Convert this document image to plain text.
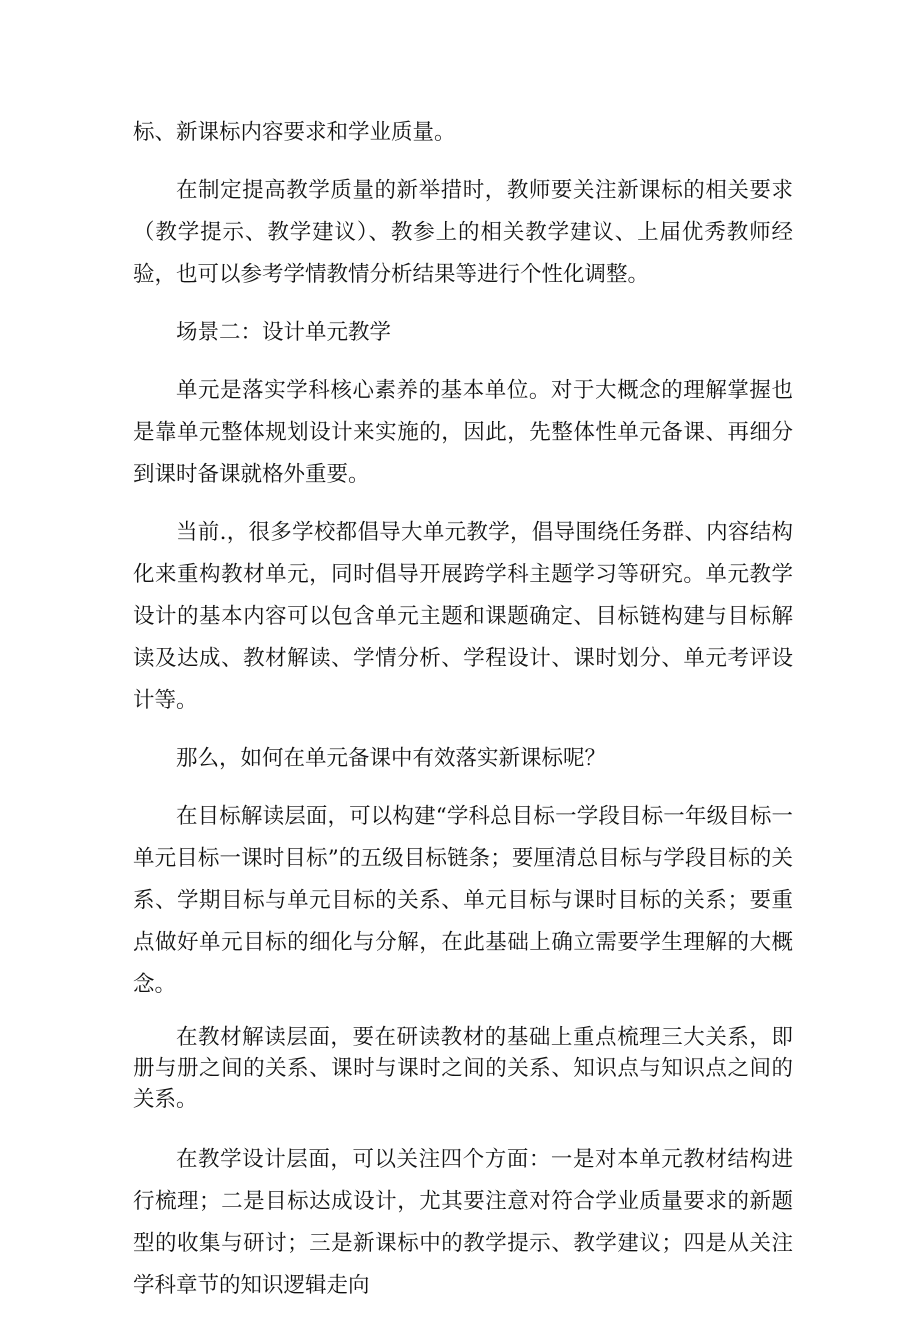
标、新课标内容要求和学业质量。

在制定提高教学质量的新举措时，教师要关注新课标的相关要求（教学提示、教学建议）、教参上的相关教学建议、上届优秀教师经验，也可以参考学情教情分析结果等进行个性化调整。

场景二：设计单元教学

单元是落实学科核心素养的基本单位。对于大概念的理解掌握也是靠单元整体规划设计来实施的，因此，先整体性单元备课、再细分到课时备课就格外重要。

当前.，很多学校都倡导大单元教学，倡导围绕任务群、内容结构化来重构教材单元，同时倡导开展跨学科主题学习等研究。单元教学设计的基本内容可以包含单元主题和课题确定、目标链构建与目标解读及达成、教材解读、学情分析、学程设计、课时划分、单元考评设计等。

那么，如何在单元备课中有效落实新课标呢？

在目标解读层面，可以构建“学科总目标一学段目标一年级目标一单元目标一课时目标”的五级目标链条；要厘清总目标与学段目标的关系、学期目标与单元目标的关系、单元目标与课时目标的关系；要重点做好单元目标的细化与分解，在此基础上确立需要学生理解的大概念。

在教材解读层面，要在研读教材的基础上重点梳理三大关系，即册与册之间的关系、课时与课时之间的关系、知识点与知识点之间的关系。

在教学设计层面，可以关注四个方面：一是对本单元教材结构进行梳理；二是目标达成设计，尤其要注意对符合学业质量要求的新题型的收集与研讨；三是新课标中的教学提示、教学建议；四是从关注学科章节的知识逻辑走向
